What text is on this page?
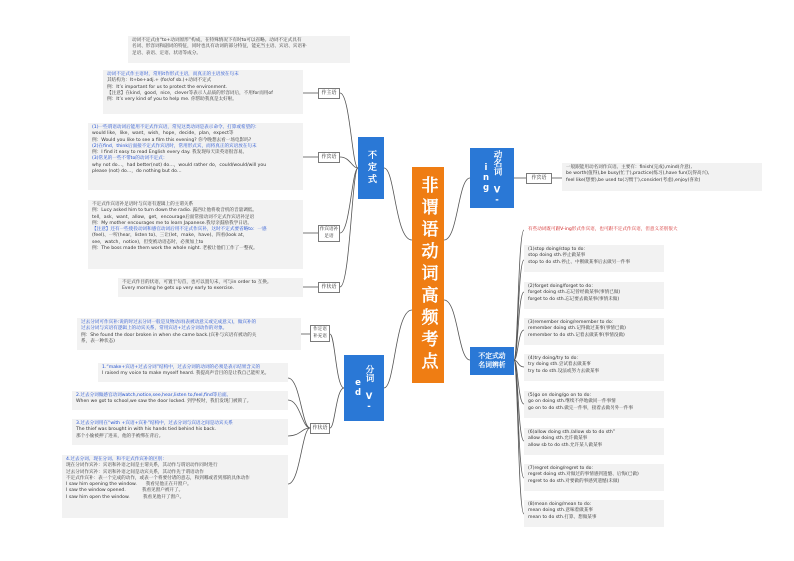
非谓语动词高频考点
不定式
分词 V-ed
动名词 V-ing
不定式动名词辨析
作主语
作宾语
作宾语补足语
作状语
作定语补充语
作状语
作宾语
动词不定式由“to+动词原形”构成，在特殊情况下有时to可以省略。动词不定式具有
名词、形容词和副词的特征，同时也具有动词的部分特征，能充当主语、宾语、宾语补
足语、表语、定语、状语等成分。
动词不定式作主语时，常用it作形式主语，而真正的主语放在句末
其结构为：It+be+adj.+ (for/of sb.)+动词不定式
例：It’s important for us to protect the environment.
【注意】在kind，good，nice，clever等表示人品质的形容词后，不用for而用of
例：It’s very kind of you to help me. 你帮助我真是太好啦。
(1)一些谓语动词后能用不定式作宾语，常见这类动词是表示命令、打算或希望的：
would like，like，want，wish，hope，decide，plan，expect等
例：Would you like to see a film this evening? 你今晚想去看一场电影吗?
(2)在find，think后面接不定式作宾语时，常用形式宾，而将真正的宾语放在句末
例：I find it easy to read English every day. 我发现每天读英语很容易。
(3)常见的一些不带to的动词不定式：
why not do…，had better(not) do…，would rather do，could/would/will you
please (not) do…，do nothing but do…
不定式作宾语补足语时与宾语有逻辑上的主谓关系
例：Lucy asked him to turn down the radio. 露西让他将收音机的音量调低。
tell，ask，want，allow，get，encourage后面常接动词不定式作宾语补足语
例：My mother encourages me to learn Japanese.我母亲鼓励我学日语。
【注意】还有一些使役动词和感官动词后用不定式作宾补，这时不定式要省略to：一感
(feel)、一听(hear，listen to)、三让(let，make，have)、四看(look at，
see，watch，notice)，但变被动语态时，必须加上to
例：The boss made them work the whole night. 老板让他们工作了一整夜。
不定式作目的状语，可置于句首，也可以置句末，可与in order to 互换。
Every morning he gets up very early to exercise.
过去分词可作宾补:说的时过去分词一般是及物动词(表被动意义或完成意义)，做宾补的
过去分词与宾语有逻辑上的动宾关系，常用宾语+过去分词动作的对象。
例：She found the door broken in when she came back.(宾补与宾语有被动的关
系，表一种状态)
1.“make+宾语+过去分词”结构中，过去分词的动词的必须是表示结果含义的
I raised my voice to make myself heard. 我提高声音目的是让我自己能听见。
2.过去分词做感官动词watch,notice,see,hear,listen to,feel,find等后面。
When we got to school,we saw the door locked. 到学校时，我们发现门被锁了。
3.过去分词用在“with +宾语+宾补”结构中，过去分词与宾语之间是动宾关系
The thief was brought in with his hands tied behind his back.
那个小偷被押了进来，他的手被绑在背后。
4.过去分词、现在分词、和不定式作宾补的区别：
现在分词作宾补：宾语和补语之间是主谓关系，其动作与谓语动作同时进行
过去分词作宾补：宾语和补语之间是动宾关系，其动作先于谓语动作
不定式作宾补：表一个完成的动作，或表一个将要付诸的意志，和到哪或者到那的具体动作
I saw him opening the window.      我看见他正在开窗户。
I saw the window opened.           我看见窗户被开了。
I saw him open the window.         我看见他开了窗户。
一般跟能用动名词作宾语。主要有：finish(完成),mind(介意),
be worth(值得),be busy(忙于),practice(练习),have fun(玩得高兴),
feel like(想要),be used to(习惯于),consider(考虑),enjoy(喜欢)
有些动词既可跟V-ing形式作宾语，也可跟不定式作宾语，但意义差别很大
(1)stop doing/stop to do：
stop doing sth.停止做某事
stop to do sth.停止、中断做某事后去做另一件事
(2)forget doing/forget to do：
forget doing sth.忘记曾经做某事(事情已做)
forget to do sth.忘记要去做某事(事情未做)
(3)remember doing/remember to do：
remember doing sth.记得做过某事(事情已做)
remember to do sth.记着去做某事(事情没做)
(4)try doing/try to do：
try doing sth.尝试着去做某事
try to do sth.设法或努力去做某事
(5)go on doing/go on to do：
go on doing sth.继续不停地做同一件事情
go on to do sth.做完一件事，接着去做另外一件事
(6)allow doing sth./allow sb to do sth”
allow doing sth.允许做某事
allow sb to do sth.允许某人做某事
(7)regret doing/regret to do：
regret doing sth.对做过的事情感到遗憾、后悔(已做)
regret to do sth.对要做的事感到遗憾(未做)
(8)mean doing/mean to do：
mean doing sth.意味着做某事
mean to do sth.打算、想做某事
